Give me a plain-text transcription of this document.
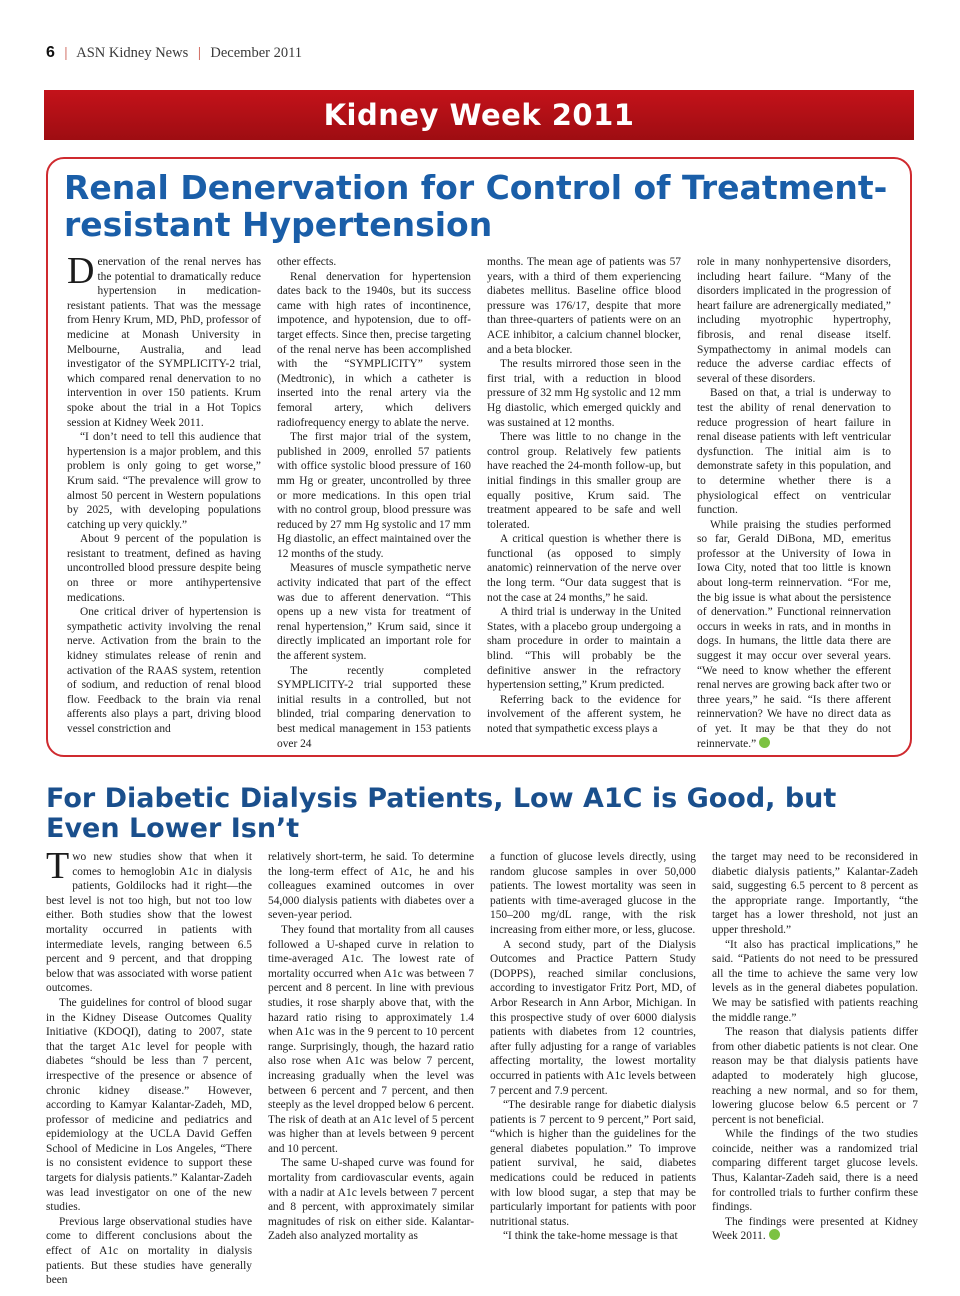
6 | ASN Kidney News | December 2011
Kidney Week 2011
Renal Denervation for Control of Treatment-resistant Hypertension

Denervation of the renal nerves has the potential to dramatically reduce hypertension in medication-resistant patients. That was the message from Henry Krum, MD, PhD, professor of medicine at Monash University in Melbourne, Australia, and lead investigator of the SYMPLICITY-2 trial, which compared renal denervation to no intervention in over 150 patients. Krum spoke about the trial in a Hot Topics session at Kidney Week 2011.

“I don’t need to tell this audience that hypertension is a major problem, and this problem is only going to get worse,” Krum said. “The prevalence will grow to almost 50 percent in Western populations by 2025, with developing populations catching up very quickly.”

About 9 percent of the population is resistant to treatment, defined as having uncontrolled blood pressure despite being on three or more antihypertensive medications.

One critical driver of hypertension is sympathetic activity involving the renal nerve. Activation from the brain to the kidney stimulates release of renin and activation of the RAAS system, retention of sodium, and reduction of renal blood flow. Feedback to the brain via renal afferents also plays a part, driving blood vessel constriction and

other effects.

Renal denervation for hypertension dates back to the 1940s, but its success came with high rates of incontinence, impotence, and hypotension, due to off-target effects. Since then, precise targeting of the renal nerve has been accomplished with the “SYMPLICITY” system (Medtronic), in which a catheter is inserted into the renal artery via the femoral artery, which delivers radiofrequency energy to ablate the nerve.

The first major trial of the system, published in 2009, enrolled 57 patients with office systolic blood pressure of 160 mm Hg or greater, uncontrolled by three or more medications. In this open trial with no control group, blood pressure was reduced by 27 mm Hg systolic and 17 mm Hg diastolic, an effect maintained over the 12 months of the study.

Measures of muscle sympathetic nerve activity indicated that part of the effect was due to afferent denervation. “This opens up a new vista for treatment of renal hypertension,” Krum said, since it directly implicated an important role for the afferent system.

The recently completed SYMPLICITY-2 trial supported these initial results in a controlled, but not blinded, trial comparing denervation to best medical management in 153 patients over 24

months. The mean age of patients was 57 years, with a third of them experiencing diabetes mellitus. Baseline office blood pressure was 176/17, despite that more than three-quarters of patients were on an ACE inhibitor, a calcium channel blocker, and a beta blocker.

The results mirrored those seen in the first trial, with a reduction in blood pressure of 32 mm Hg systolic and 12 mm Hg diastolic, which emerged quickly and was sustained at 12 months.

There was little to no change in the control group. Relatively few patients have reached the 24-month follow-up, but initial findings in this smaller group are equally positive, Krum said. The treatment appeared to be safe and well tolerated.

A critical question is whether there is functional (as opposed to simply anatomic) reinnervation of the nerve over the long term. “Our data suggest that is not the case at 24 months,” he said.

A third trial is underway in the United States, with a placebo group undergoing a sham procedure in order to maintain a blind. “This will probably be the definitive answer in the refractory hypertension setting,” Krum predicted.

Referring back to the evidence for involvement of the afferent system, he noted that sympathetic excess plays a

role in many nonhypertensive disorders, including heart failure. “Many of the disorders implicated in the progression of heart failure are adrenergically mediated,” including myotrophic hypertrophy, fibrosis, and renal disease itself. Sympathectomy in animal models can reduce the adverse cardiac effects of several of these disorders.

Based on that, a trial is underway to test the ability of renal denervation to reduce progression of heart failure in renal disease patients with left ventricular dysfunction. The initial aim is to demonstrate safety in this population, and to determine whether there is a physiological effect on ventricular function.

While praising the studies performed so far, Gerald DiBona, MD, emeritus professor at the University of Iowa in Iowa City, noted that too little is known about long-term reinnervation. “For me, the big issue is what about the persistence of denervation.” Functional reinnervation occurs in weeks in rats, and in months in dogs. In humans, the little data there are suggest it may occur over several years. “We need to know whether the efferent renal nerves are growing back after two or three years,” he said. “Is there afferent reinnervation? We have no direct data as of yet. It may be that they do not reinnervate.”

For Diabetic Dialysis Patients, Low A1C is Good, but Even Lower Isn’t

Two new studies show that when it comes to hemoglobin A1c in dialysis patients, Goldilocks had it right—the best level is not too high, but not too low either. Both studies show that the lowest mortality occurred in patients with intermediate levels, ranging between 6.5 percent and 9 percent, and that dropping below that was associated with worse patient outcomes.

The guidelines for control of blood sugar in the Kidney Disease Outcomes Quality Initiative (KDOQI), dating to 2007, state that the target A1c level for people with diabetes “should be less than 7 percent, irrespective of the presence or absence of chronic kidney disease.” However, according to Kamyar Kalantar-Zadeh, MD, professor of medicine and pediatrics and epidemiology at the UCLA David Geffen School of Medicine in Los Angeles, “There is no consistent evidence to support these targets for dialysis patients.” Kalantar-Zadeh was lead investigator on one of the new studies.

Previous large observational studies have come to different conclusions about the effect of A1c on mortality in dialysis patients. But these studies have generally been

relatively short-term, he said. To determine the long-term effect of A1c, he and his colleagues examined outcomes in over 54,000 dialysis patients with diabetes over a seven-year period.

They found that mortality from all causes followed a U-shaped curve in relation to time-averaged A1c. The lowest rate of mortality occurred when A1c was between 7 percent and 8 percent. In line with previous studies, it rose sharply above that, with the hazard ratio rising to approximately 1.4 when A1c was in the 9 percent to 10 percent range. Surprisingly, though, the hazard ratio also rose when A1c was below 7 percent, increasing gradually when the level was between 6 percent and 7 percent, and then steeply as the level dropped below 6 percent. The risk of death at an A1c level of 5 percent was higher than at levels between 9 percent and 10 percent.

The same U-shaped curve was found for mortality from cardiovascular events, again with a nadir at A1c levels between 7 percent and 8 percent, with approximately similar magnitudes of risk on either side. Kalantar-Zadeh also analyzed mortality as

a function of glucose levels directly, using random glucose samples in over 50,000 patients. The lowest mortality was seen in patients with time-averaged glucose in the 150–200 mg/dL range, with the risk increasing from either more, or less, glucose.

A second study, part of the Dialysis Outcomes and Practice Pattern Study (DOPPS), reached similar conclusions, according to investigator Fritz Port, MD, of Arbor Research in Ann Arbor, Michigan. In this prospective study of over 6000 dialysis patients with diabetes from 12 countries, after fully adjusting for a range of variables affecting mortality, the lowest mortality occurred in patients with A1c levels between 7 percent and 7.9 percent.

“The desirable range for diabetic dialysis patients is 7 percent to 9 percent,” Port said, “which is higher than the guidelines for the general diabetes population.” To improve patient survival, he said, diabetes medications could be reduced in patients with low blood sugar, a step that may be particularly important for patients with poor nutritional status.

“I think the take-home message is that

the target may need to be reconsidered in diabetic dialysis patients,” Kalantar-Zadeh said, suggesting 6.5 percent to 8 percent as the appropriate range. Importantly, “the target has a lower threshold, not just an upper threshold.”

“It also has practical implications,” he said. “Patients do not need to be pressured all the time to achieve the same very low levels as in the general diabetes population. We may be satisfied with patients reaching the middle range.”

The reason that dialysis patients differ from other diabetic patients is not clear. One reason may be that dialysis patients have adapted to moderately high glucose, reaching a new normal, and so for them, lowering glucose below 6.5 percent or 7 percent is not beneficial.

While the findings of the two studies coincide, neither was a randomized trial comparing different target glucose levels. Thus, Kalantar-Zadeh said, there is a need for controlled trials to further confirm these findings.

The findings were presented at Kidney Week 2011.
